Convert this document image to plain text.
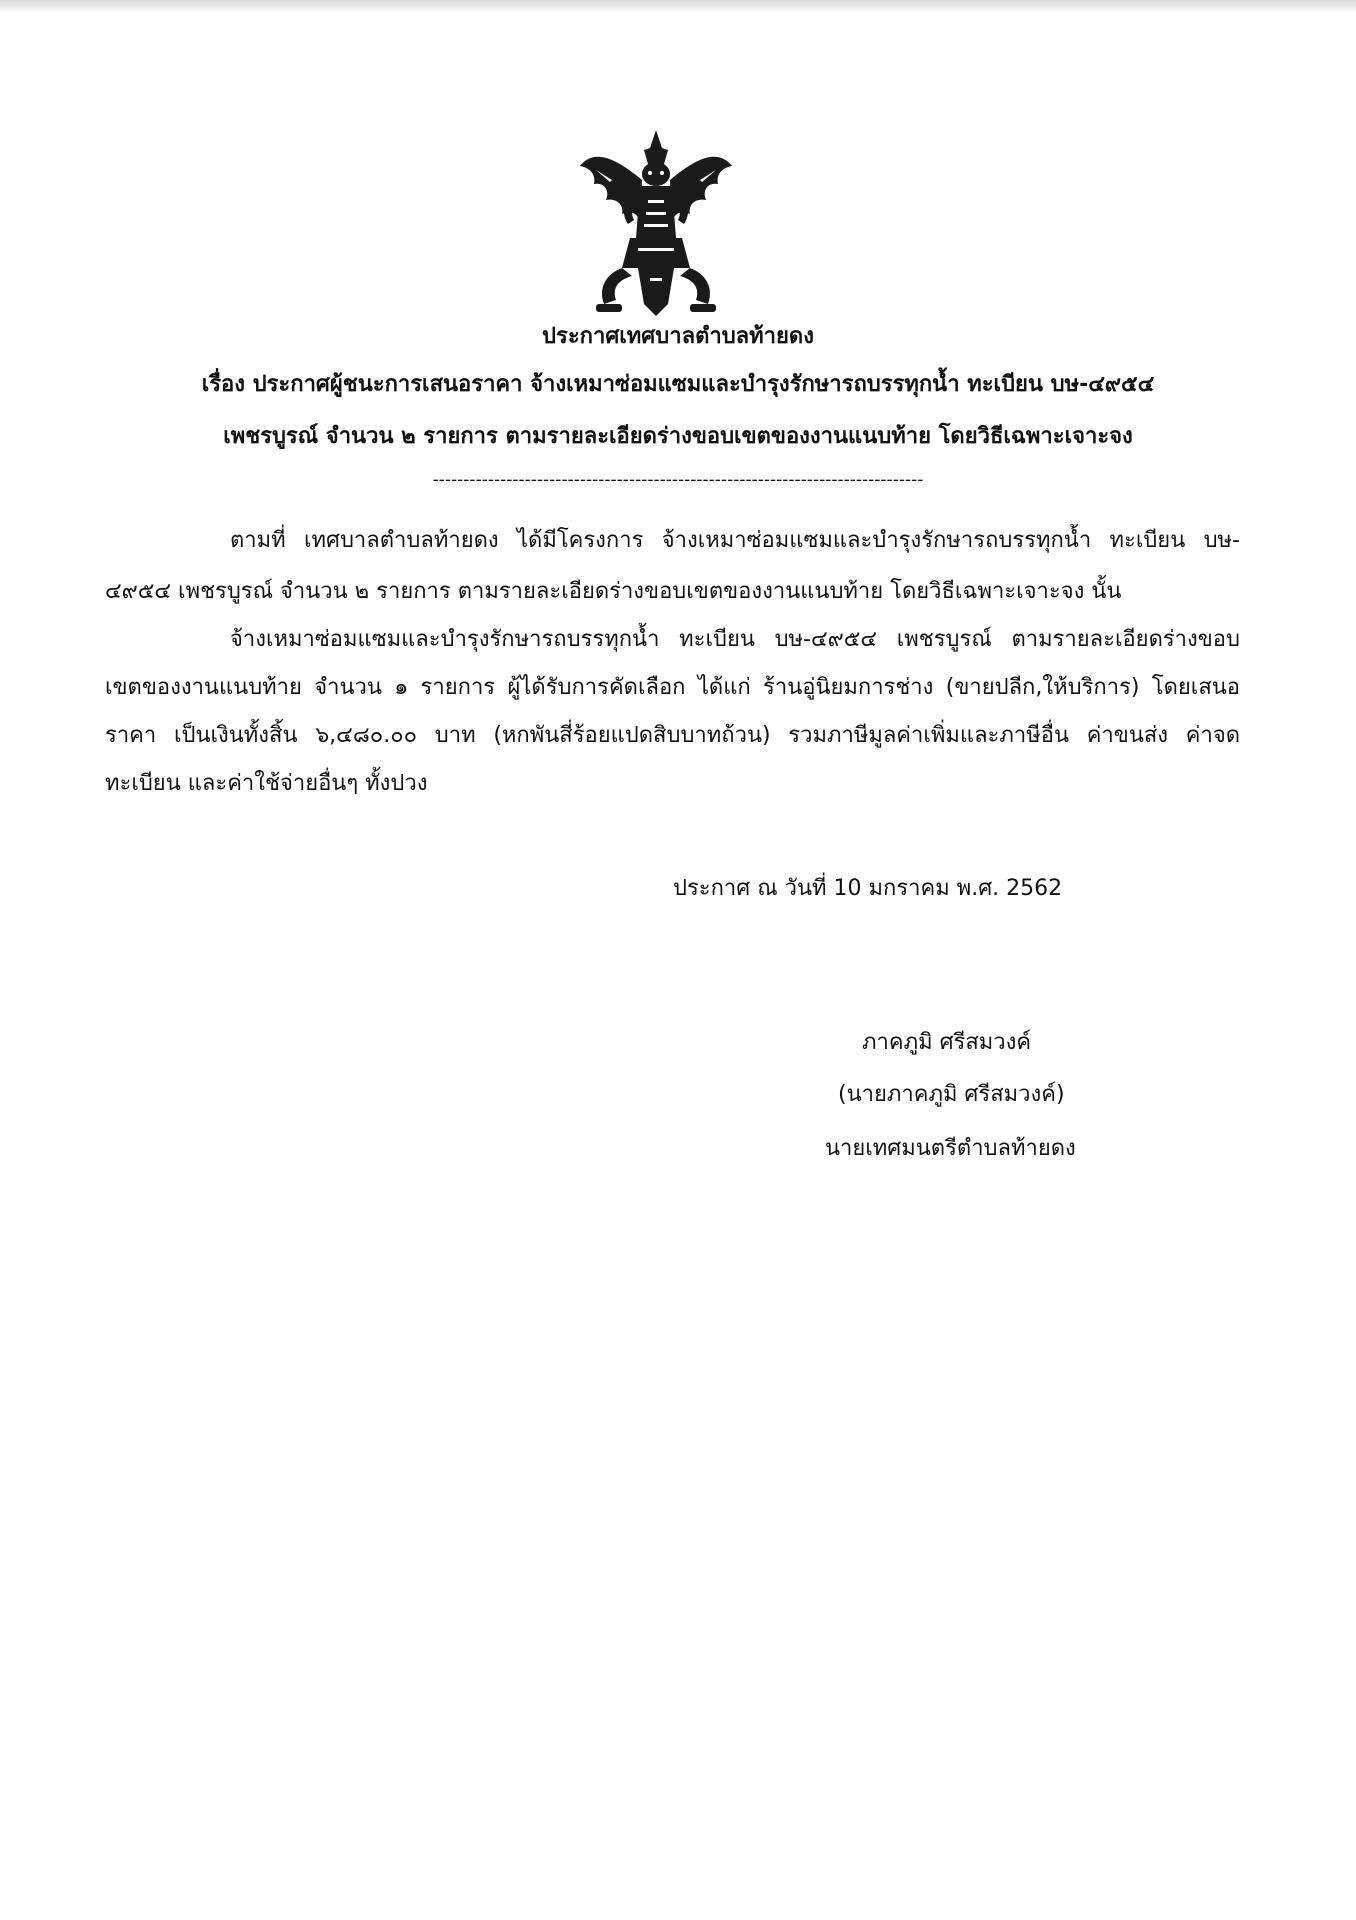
ประกาศเทศบาลตำบลท้ายดง
เรื่อง ประกาศผู้ชนะการเสนอราคา จ้างเหมาซ่อมแซมและบำรุงรักษารถบรรทุกน้ำ ทะเบียน บษ-๔๙๕๔
เพชรบูรณ์ จำนวน ๒ รายการ ตามรายละเอียดร่างขอบเขตของงานแนบท้าย โดยวิธีเฉพาะเจาะจง
--------------------------------------------------------------------------------
ตามที่ เทศบาลตำบลท้ายดง ได้มีโครงการ จ้างเหมาซ่อมแซมและบำรุงรักษารถบรรทุกน้ำ ทะเบียน บษ-
๔๙๕๔ เพชรบูรณ์ จำนวน ๒ รายการ ตามรายละเอียดร่างขอบเขตของงานแนบท้าย โดยวิธีเฉพาะเจาะจง นั้น
จ้างเหมาซ่อมแซมและบำรุงรักษารถบรรทุกน้ำ ทะเบียน บษ-๔๙๕๔ เพชรบูรณ์ ตามรายละเอียดร่างขอบ
เขตของงานแนบท้าย จำนวน ๑ รายการ ผู้ได้รับการคัดเลือก ได้แก่ ร้านอู่นิยมการช่าง (ขายปลีก,ให้บริการ) โดยเสนอ
ราคา เป็นเงินทั้งสิ้น ๖,๔๘๐.๐๐ บาท (หกพันสี่ร้อยแปดสิบบาทถ้วน) รวมภาษีมูลค่าเพิ่มและภาษีอื่น ค่าขนส่ง ค่าจด
ทะเบียน และค่าใช้จ่ายอื่นๆ ทั้งปวง
ประกาศ ณ วันที่ 10 มกราคม พ.ศ. 2562
ภาคภูมิ ศรีสมวงค์
(นายภาคภูมิ ศรีสมวงค์)
นายเทศมนตรีตำบลท้ายดง
